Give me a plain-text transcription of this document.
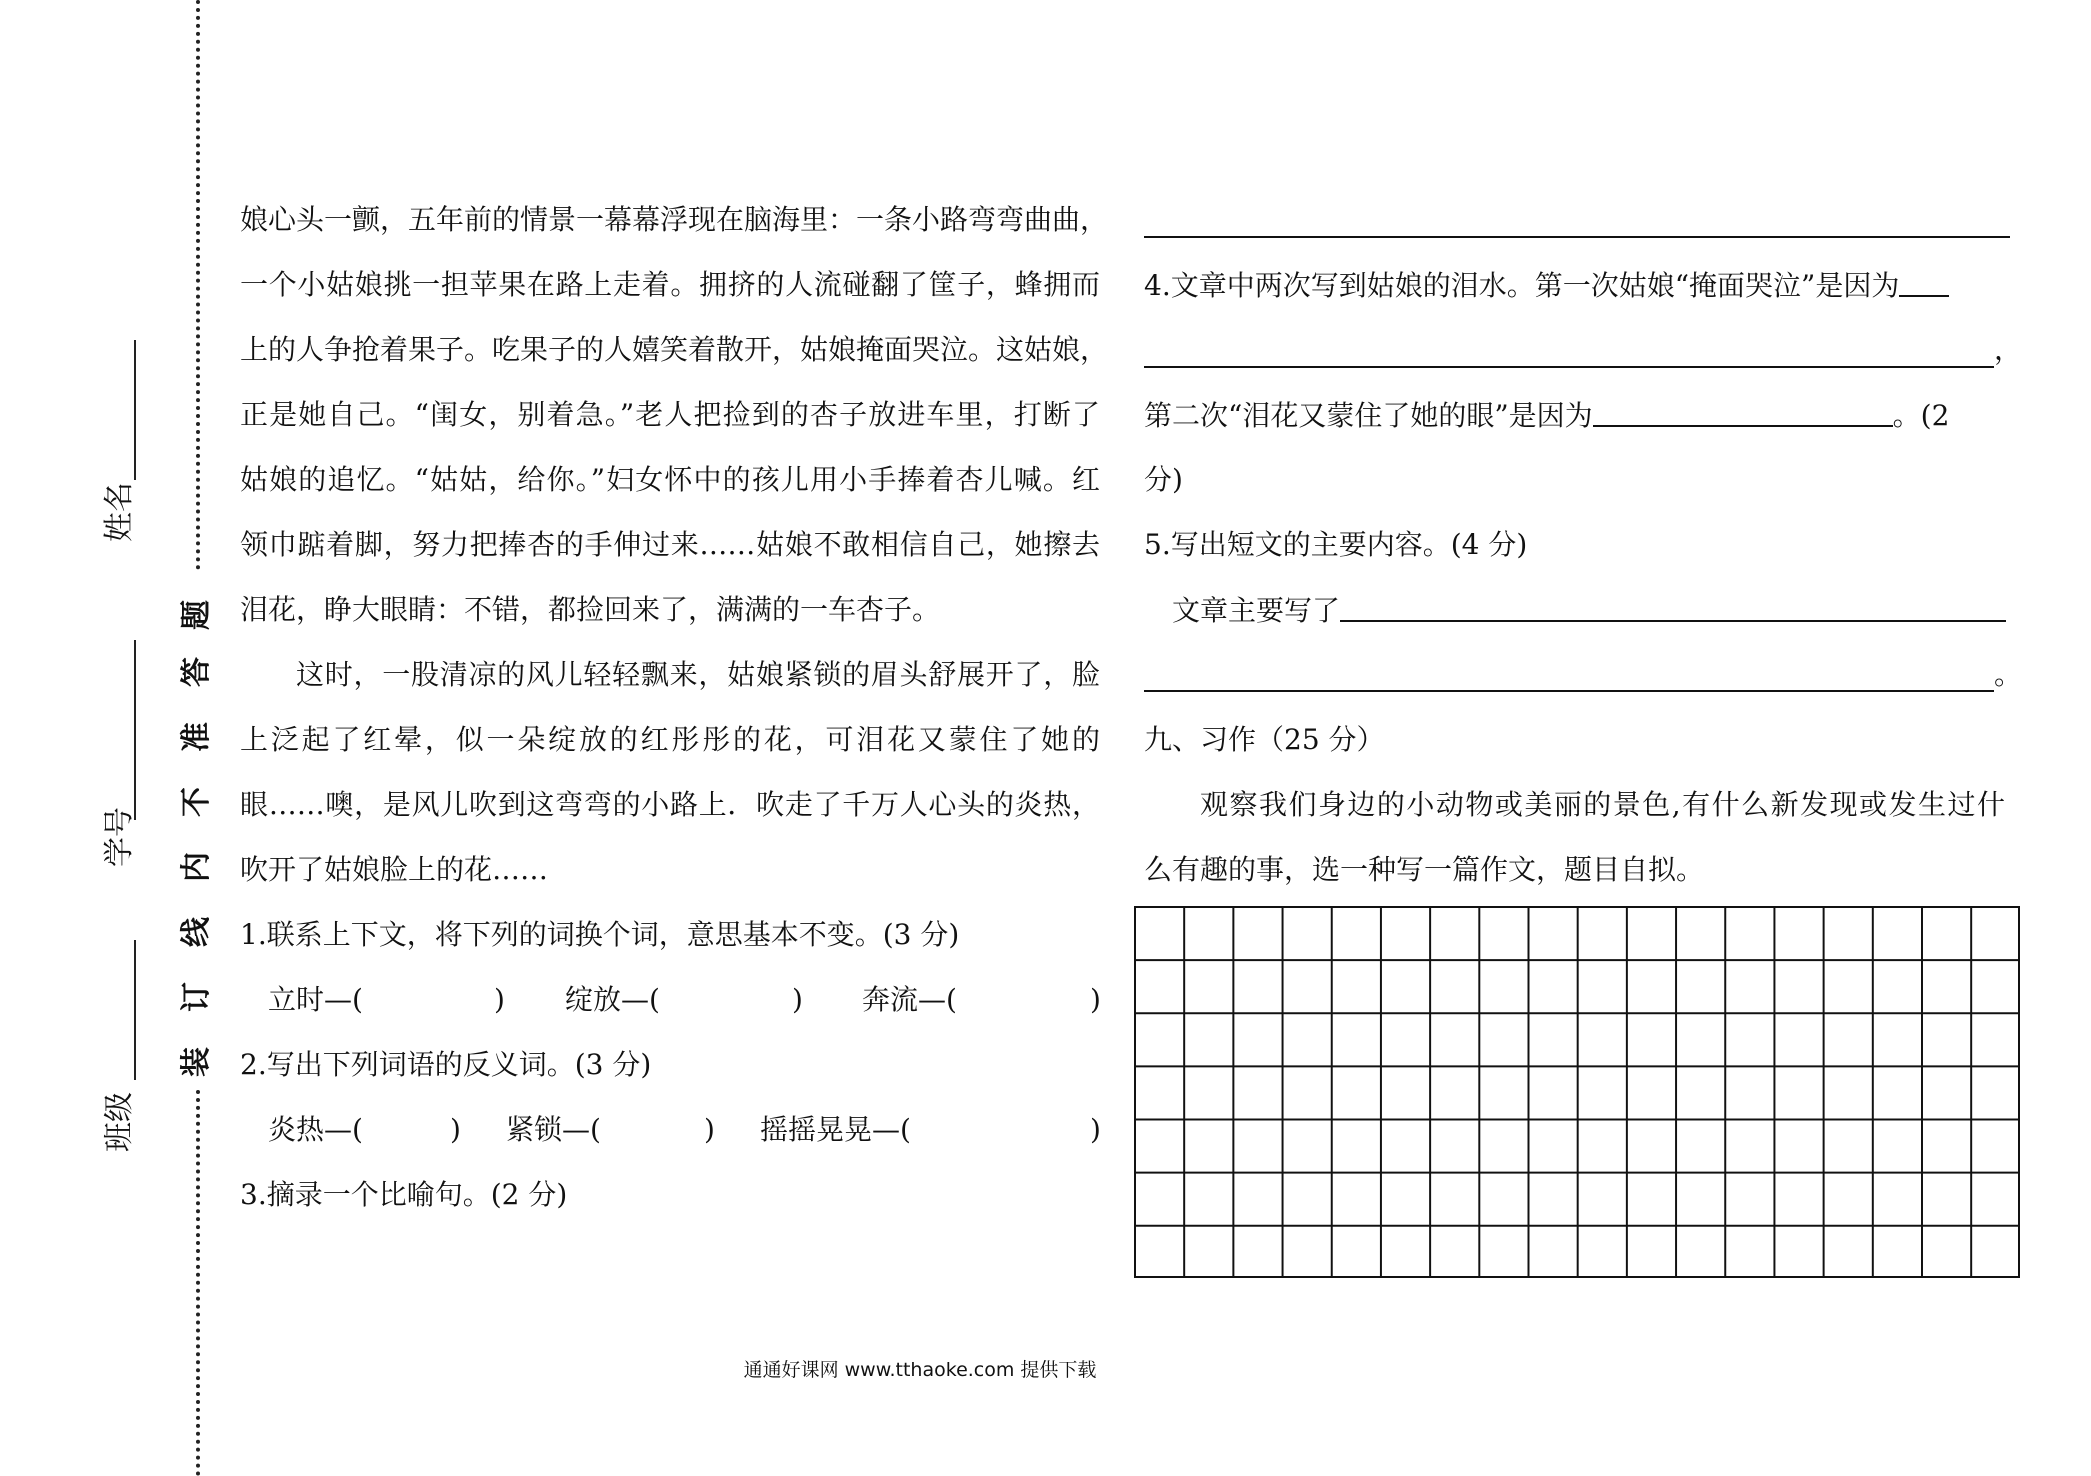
姓名
学号
班级
装
订
线
内
不
准
答
题
娘心头一颤，五年前的情景一幕幕浮现在脑海里：一条小路弯弯曲曲，
一个小姑娘挑一担苹果在路上走着。拥挤的人流碰翻了筐子，蜂拥而
上的人争抢着果子。吃果子的人嬉笑着散开，姑娘掩面哭泣。这姑娘，
正是她自己。“闺女，别着急。”老人把捡到的杏子放进车里，打断了
姑娘的追忆。“姑姑，给你。”妇女怀中的孩儿用小手捧着杏儿喊。红
领巾踮着脚，努力把捧杏的手伸过来……姑娘不敢相信自己，她擦去
泪花，睁大眼睛：不错，都捡回来了，满满的一车杏子。
这时，一股清凉的风儿轻轻飘来，姑娘紧锁的眉头舒展开了，脸
上泛起了红晕，似一朵绽放的红彤彤的花，可泪花又蒙住了她的
眼……噢，是风儿吹到这弯弯的小路上．吹走了千万人心头的炎热，
吹开了姑娘脸上的花……
1.联系上下文，将下列的词换个词，意思基本不变。(3 分)
立时—(	) 绽放—(	) 奔流—(	)
2.写出下列词语的反义词。(3 分)
炎热—(	) 紧锁—(	) 摇摇晃晃—(	)
3.摘录一个比喻句。(2 分)
4.文章中两次写到姑娘的泪水。第一次姑娘“掩面哭泣”是因为
，
第二次“泪花又蒙住了她的眼”是因为	。(2
分)
5.写出短文的主要内容。(4 分)
文章主要写了
。
九、习作（25 分）
观察我们身边的小动物或美丽的景色,有什么新发现或发生过什
么有趣的事，选一种写一篇作文，题目自拟。
通通好课网 www.tthaoke.com 提供下载
